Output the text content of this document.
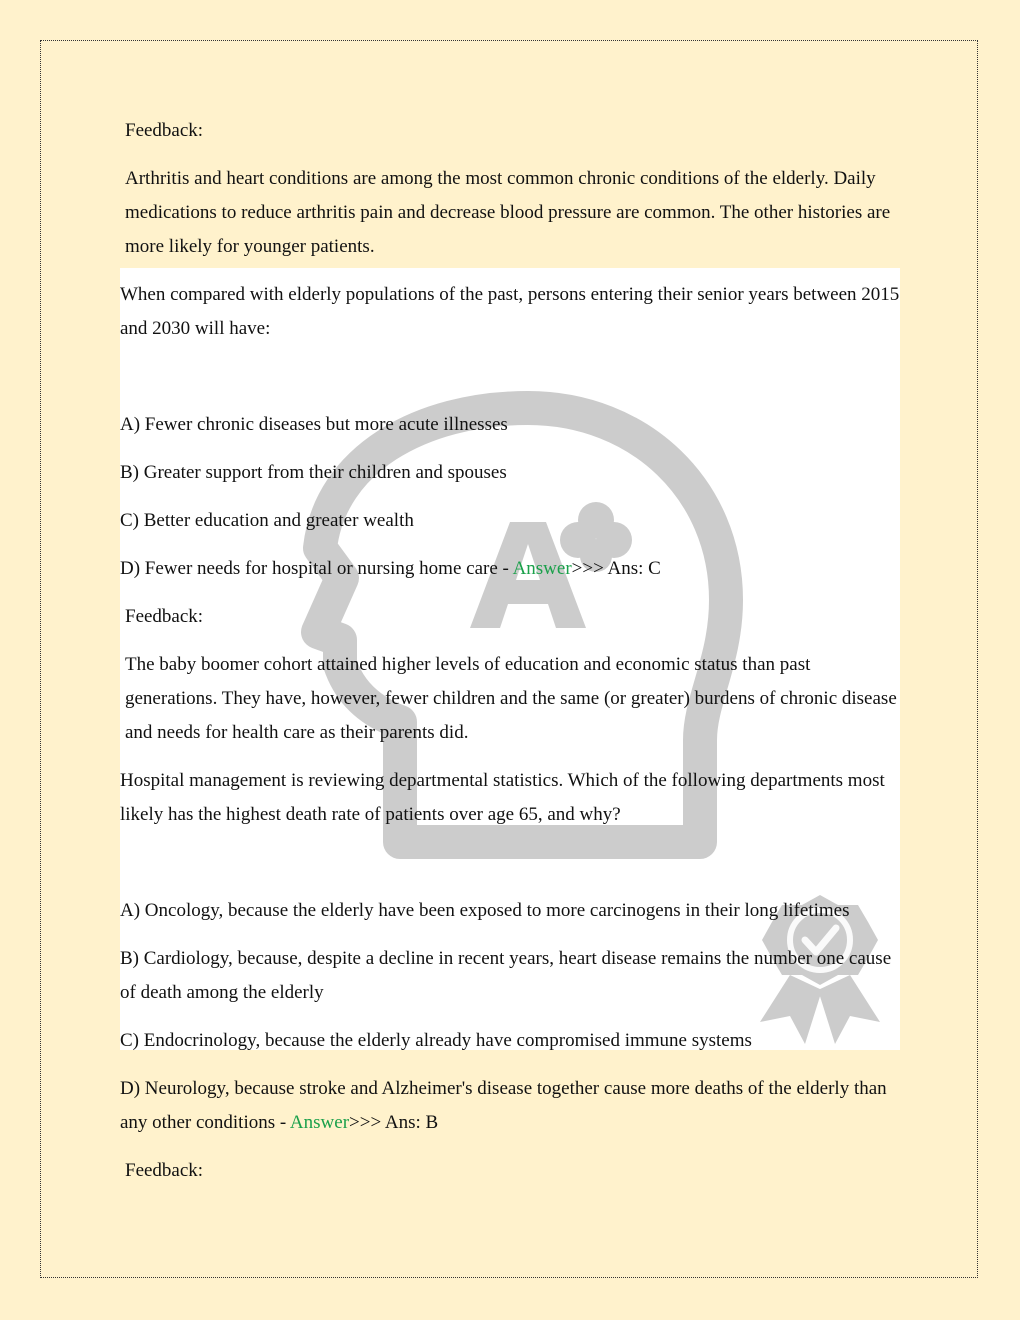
Feedback:

Arthritis and heart conditions are among the most common chronic conditions of the elderly. Daily medications to reduce arthritis pain and decrease blood pressure are common. The other histories are more likely for younger patients.

When compared with elderly populations of the past, persons entering their senior years between 2015 and 2030 will have:

A) Fewer chronic diseases but more acute illnesses

B) Greater support from their children and spouses

C) Better education and greater wealth

D) Fewer needs for hospital or nursing home care - Answer>>> Ans: C

Feedback:

The baby boomer cohort attained higher levels of education and economic status than past generations. They have, however, fewer children and the same (or greater) burdens of chronic disease and needs for health care as their parents did.

Hospital management is reviewing departmental statistics. Which of the following departments most likely has the highest death rate of patients over age 65, and why?

A) Oncology, because the elderly have been exposed to more carcinogens in their long lifetimes

B) Cardiology, because, despite a decline in recent years, heart disease remains the number one cause of death among the elderly

C) Endocrinology, because the elderly already have compromised immune systems

D) Neurology, because stroke and Alzheimer's disease together cause more deaths of the elderly than any other conditions - Answer>>> Ans: B

Feedback:
